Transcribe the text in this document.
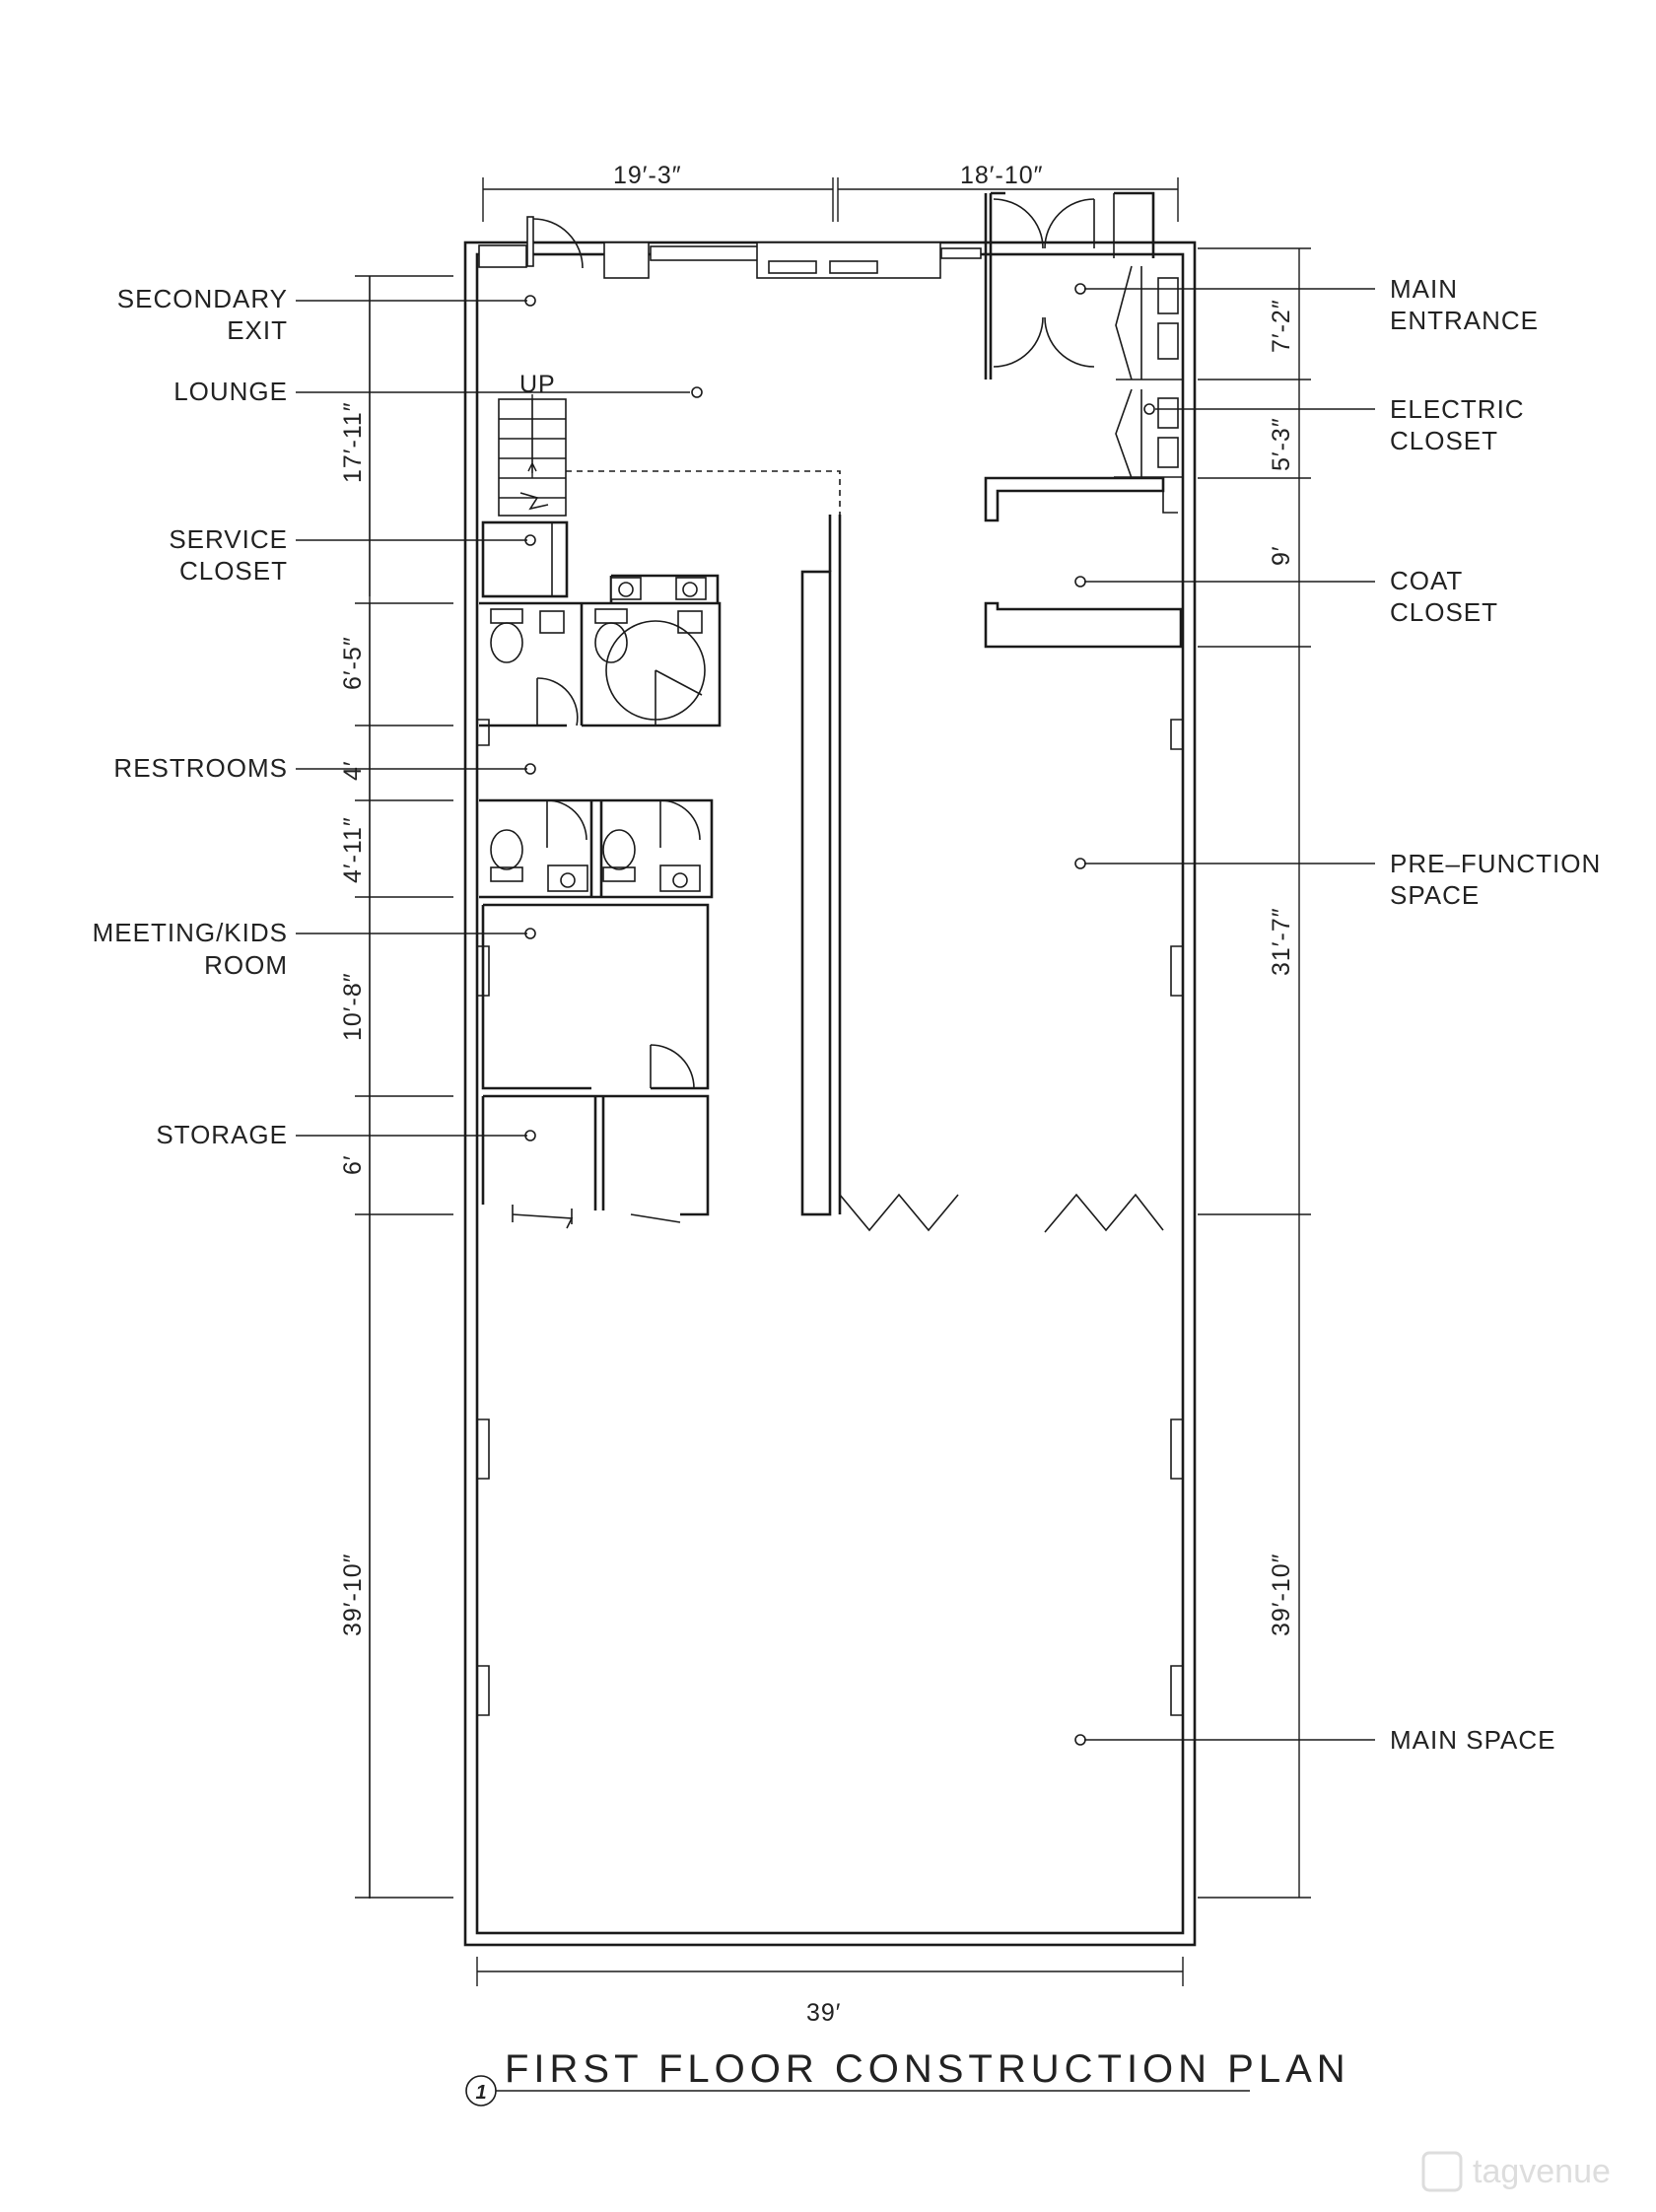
UP
19′-3″	18′-10″
39′
17′-11″
6′-5″
4′
4′-11″
10′-8″
6′
39′-10″
7′-2″
5′-3″
9′
31′-7″
39′-10″
SECONDARY
EXIT
LOUNGE
SERVICE
CLOSET
RESTROOMS
MEETING/KIDS
ROOM
STORAGE
MAIN
ENTRANCE
ELECTRIC
CLOSET
COAT
CLOSET
PRE–FUNCTION
SPACE
MAIN SPACE
1
FIRST FLOOR CONSTRUCTION PLAN
tagvenue
